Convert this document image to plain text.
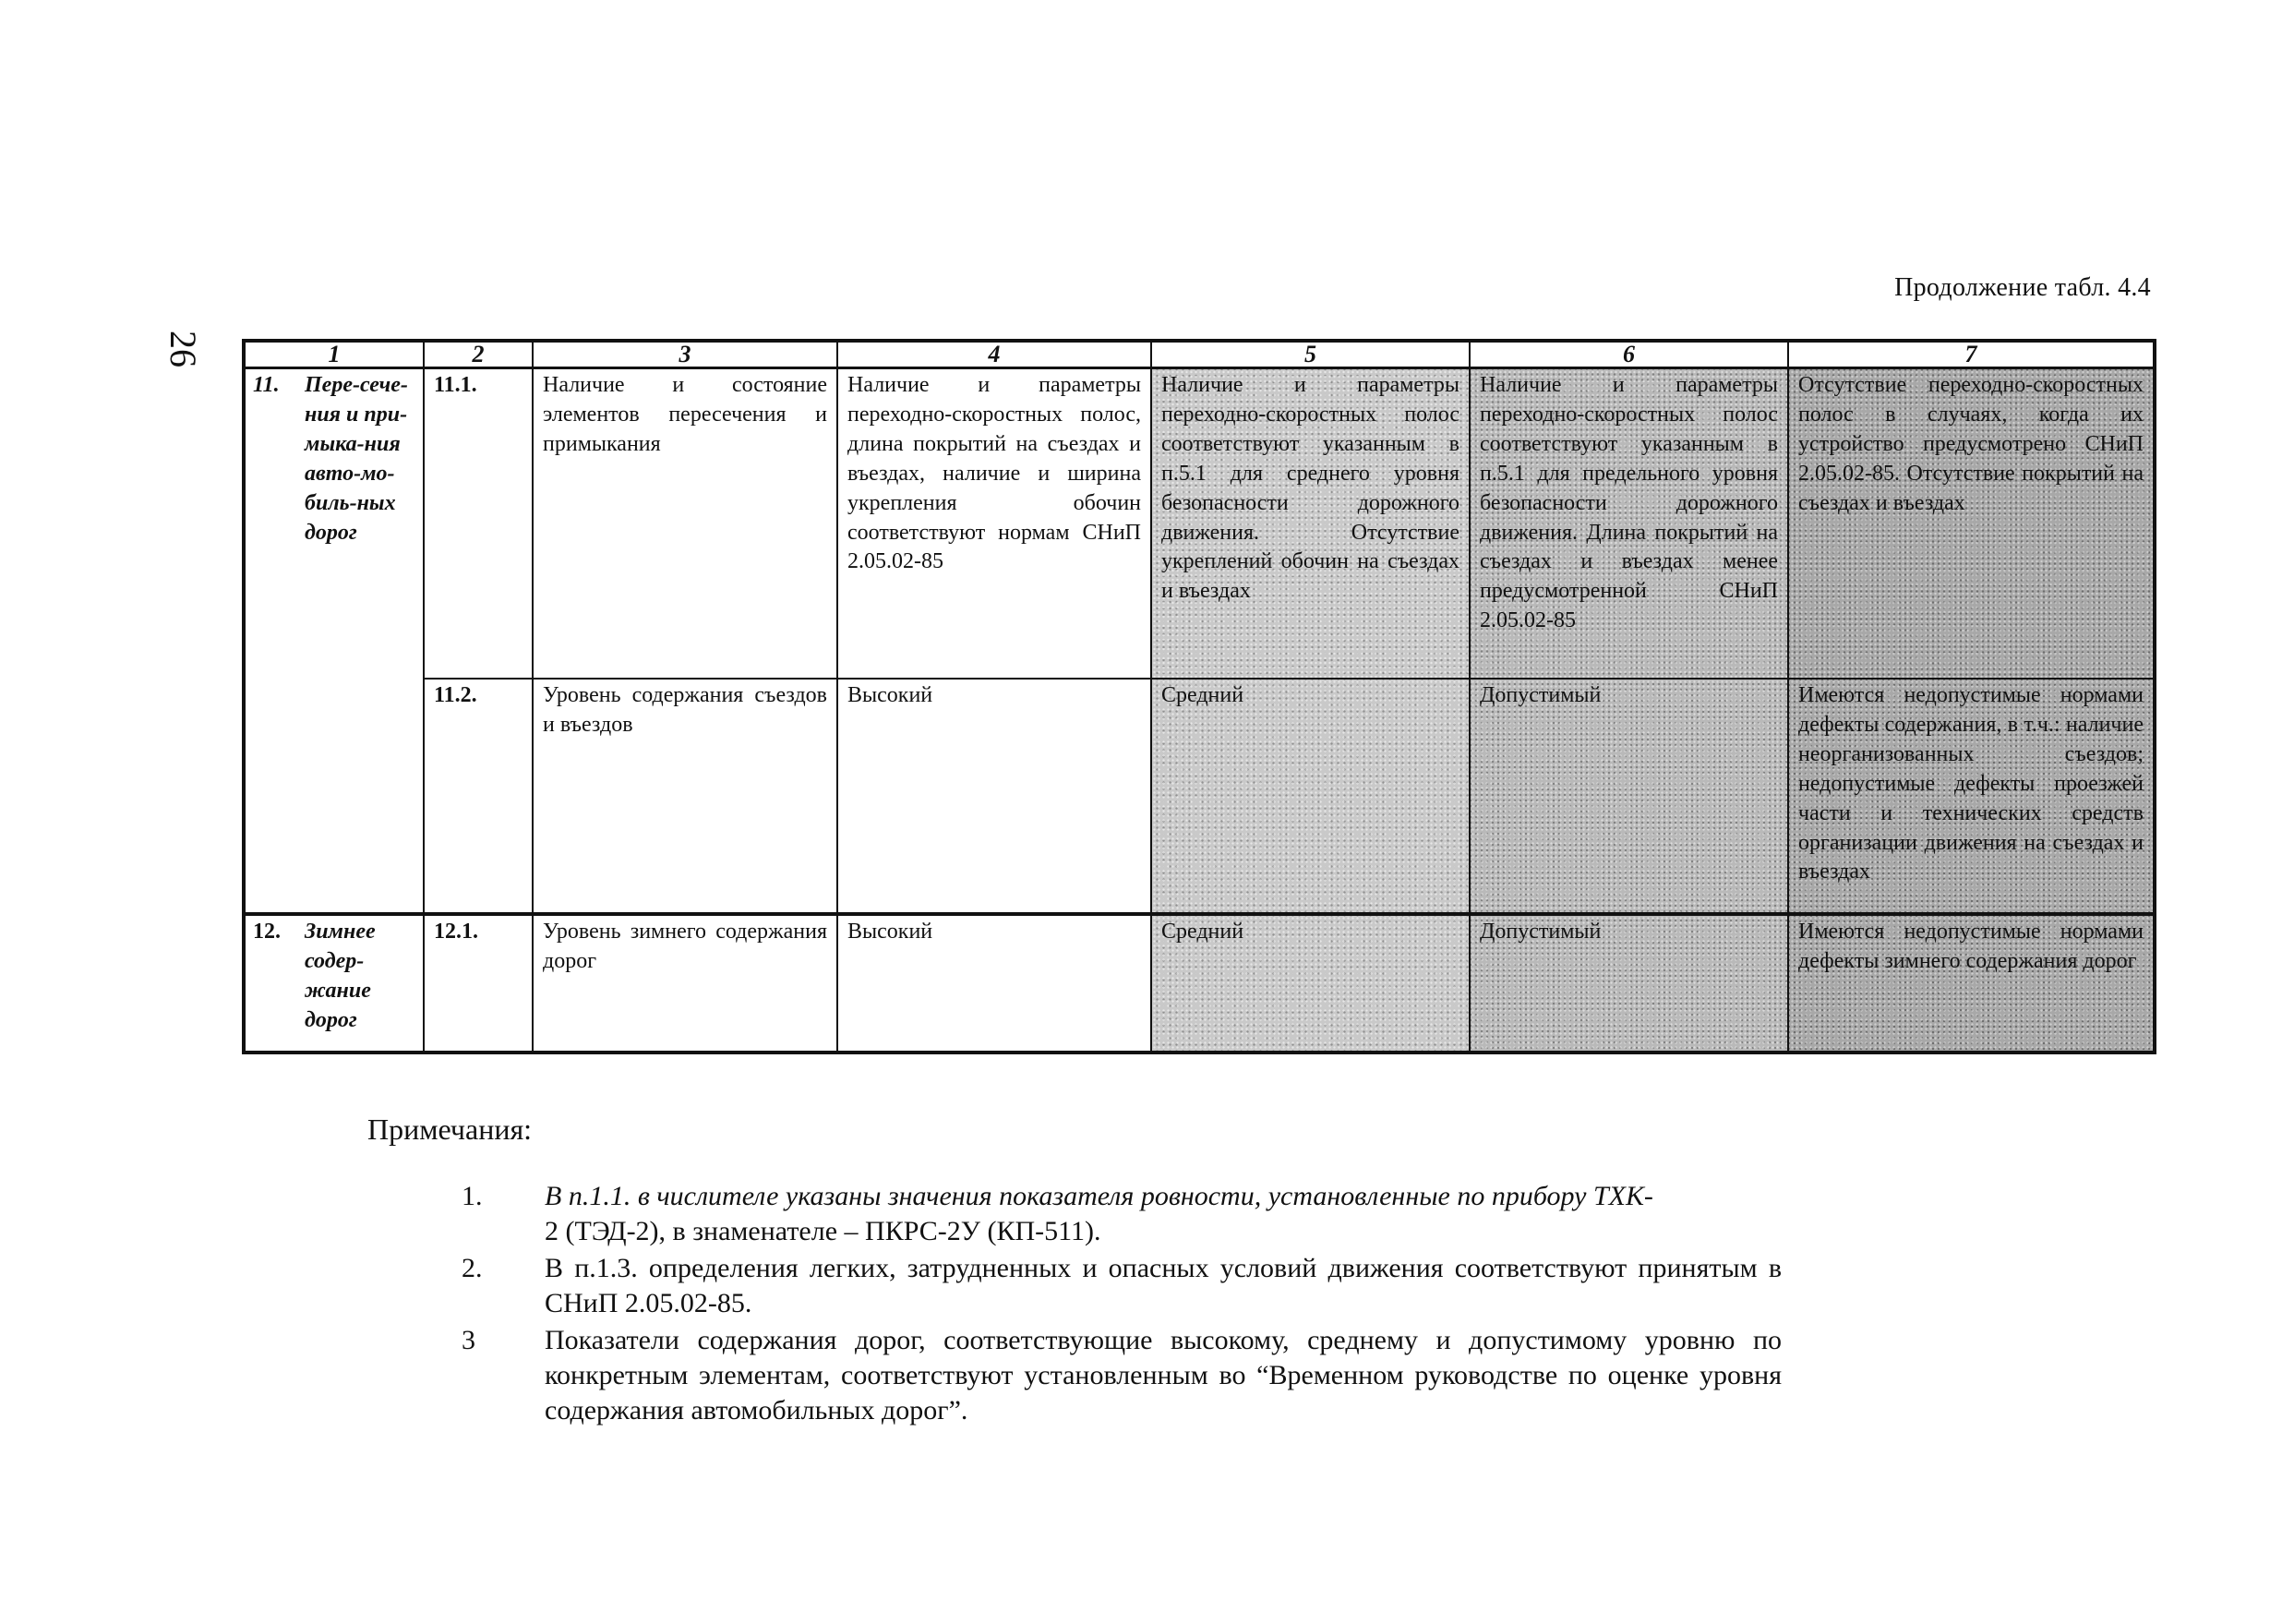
26
Продолжение табл. 4.4
1	2	3	4	5	6	7

11. Пере-сече-ния и при-мыка-ния авто-мо-биль-ных дорог	11.1.	Наличие и состояние элементов пересечения и примыкания	Наличие и параметры переходно-скоростных полос, длина покрытий на съездах и въездах, наличие и ширина укрепления обочин соответствуют нормам СНиП 2.05.02-85	Наличие и параметры переходно-скоростных полос соответствуют указанным в п.5.1 для среднего уровня безопасности дорожного движения. Отсутствие укреплений обочин на съездах и въездах	Наличие и параметры переходно-скоростных полос соответствуют указанным в п.5.1 для предельного уровня безопасности дорожного движения. Длина покрытий на съездах и въездах менее предусмотренной СНиП 2.05.02-85	Отсутствие переходно-скоростных полос в случаях, когда их устройство предусмотрено СНиП 2.05.02-85. Отсутствие покрытий на съездах и въездах
	11.2.	Уровень содержания съездов и въездов	Высокий	Средний	Допустимый	Имеются недопустимые нормами дефекты содержания, в т.ч.: наличие неорганизованных съездов; недопустимые дефекты проезжей части и технических средств организации движения на съездах и въездах

12. Зимнее содер-жание дорог	12.1.	Уровень зимнего содержания дорог	Высокий	Средний	Допустимый	Имеются недопустимые нормами дефекты зимнего содержания дорог
Примечания:
1.	В п.1.1. в числителе указаны значения показателя ровности, установленные по прибору ТХК-
2 (ТЭД-2), в знаменателе – ПКРС-2У (КП-511).
2.	В п.1.3. определения легких, затрудненных и опасных условий движения соответствуют принятым в СНиП 2.05.02-85.
3	Показатели содержания дорог, соответствующие высокому, среднему и допустимому уровню по конкретным элементам, соответствуют установленным во “Временном руководстве по оценке уровня содержания автомобильных дорог”.
